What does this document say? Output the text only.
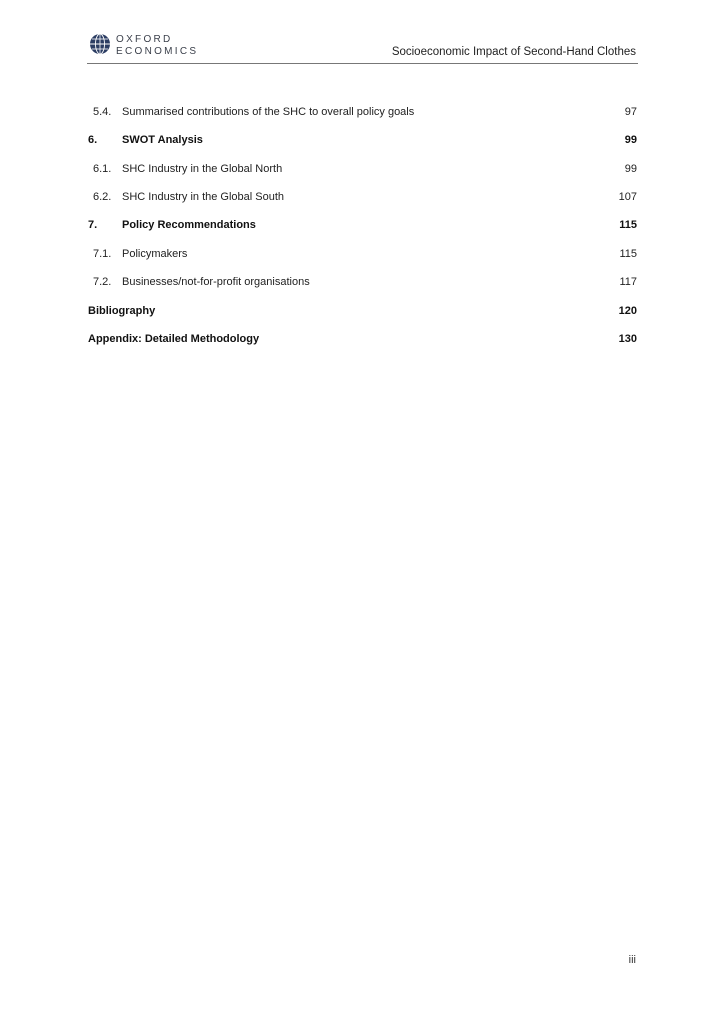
OXFORD
ECONOMICS	Socioeconomic Impact of Second-Hand Clothes
5.4. Summarised contributions of the SHC to overall policy goals	97
6. SWOT Analysis	99
6.1. SHC Industry in the Global North	99
6.2. SHC Industry in the Global South	107
7. Policy Recommendations	115
7.1. Policymakers	115
7.2. Businesses/not-for-profit organisations	117
Bibliography	120
Appendix: Detailed Methodology	130
iii
